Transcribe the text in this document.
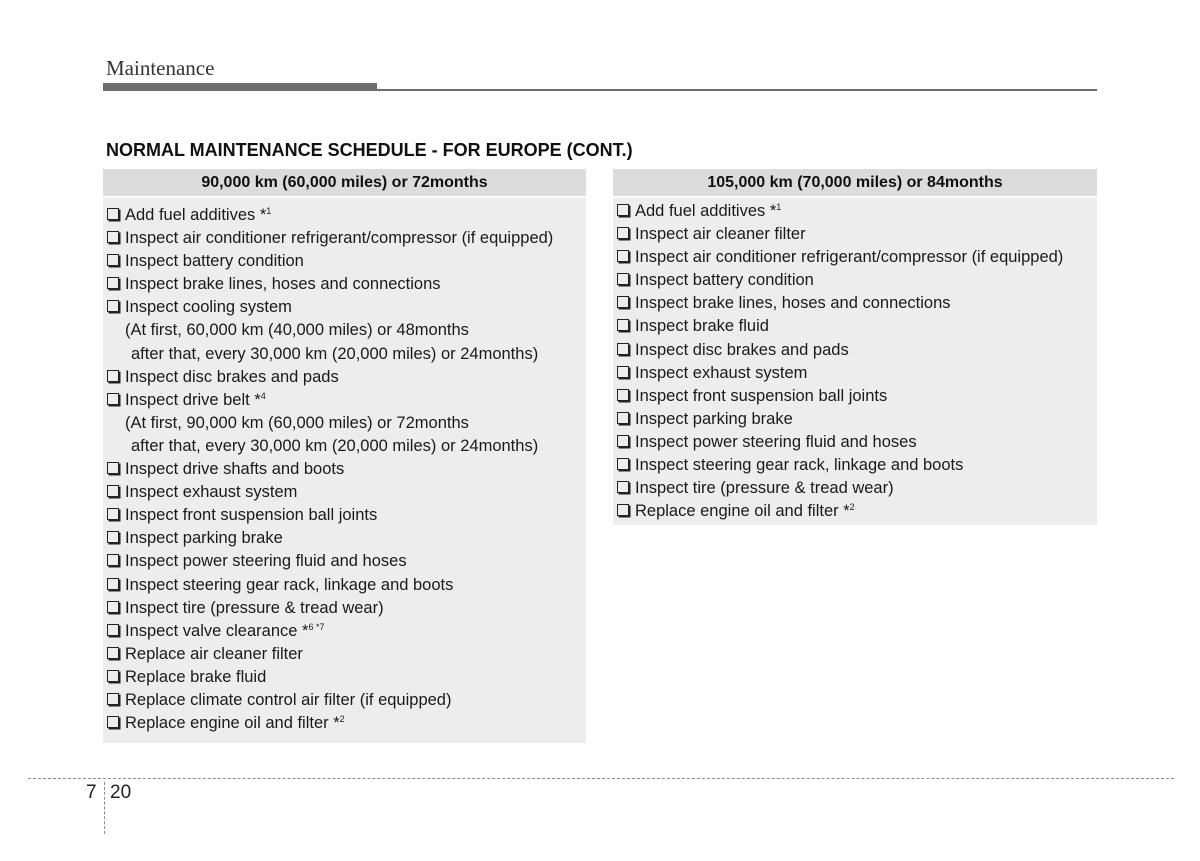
Maintenance
NORMAL MAINTENANCE SCHEDULE - FOR EUROPE (CONT.)
90,000 km (60,000 miles) or 72months
Add fuel additives *$^1$
Inspect air conditioner refrigerant/compressor (if equipped)
Inspect battery condition
Inspect brake lines, hoses and connections
Inspect cooling system
(At first, 60,000 km (40,000 miles) or 48months
after that, every 30,000 km (20,000 miles) or 24months)
Inspect disc brakes and pads
Inspect drive belt *$^4$
(At first, 90,000 km (60,000 miles) or 72months
after that, every 30,000 km (20,000 miles) or 24months)
Inspect drive shafts and boots
Inspect exhaust system
Inspect front suspension ball joints
Inspect parking brake
Inspect power steering fluid and hoses
Inspect steering gear rack, linkage and boots
Inspect tire (pressure & tread wear)
Inspect valve clearance *$^{6 *7}$
Replace air cleaner filter
Replace brake fluid
Replace climate control air filter (if equipped)
Replace engine oil and filter *$^2$
105,000 km (70,000 miles) or 84months
Add fuel additives *$^1$
Inspect air cleaner filter
Inspect air conditioner refrigerant/compressor (if equipped)
Inspect battery condition
Inspect brake lines, hoses and connections
Inspect brake fluid
Inspect disc brakes and pads
Inspect exhaust system
Inspect front suspension ball joints
Inspect parking brake
Inspect power steering fluid and hoses
Inspect steering gear rack, linkage and boots
Inspect tire (pressure & tread wear)
Replace engine oil and filter *$^2$
7 20
